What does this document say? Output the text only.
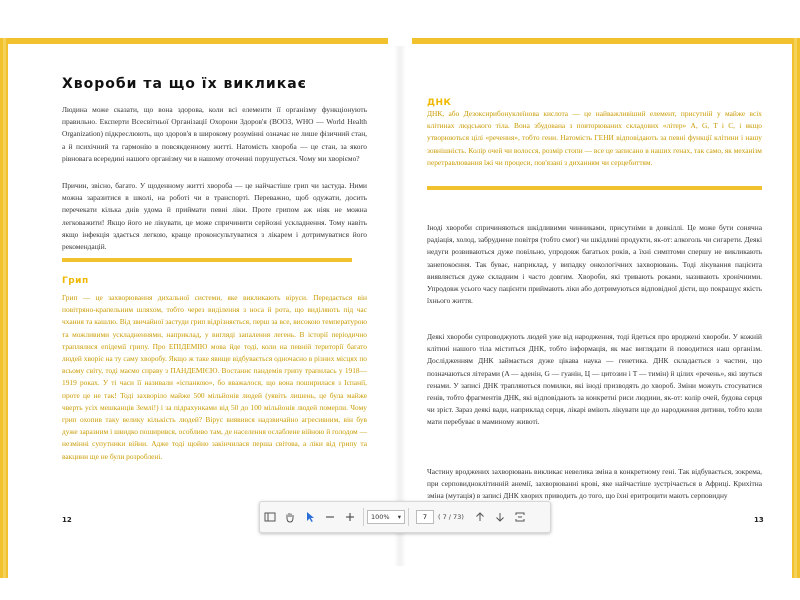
Хвороби та що їх викликає
Людина може сказати, що вона здорова, коли всі елементи її організму функціонують правильно. Експерти Всесвітньої Організації Охорони Здоров'я (ВООЗ, WHO — World Health Organization) підкреслюють, що здоров'я в широкому розумінні означає не лише фізичний стан, а й психічний та гармонію в повсякденному житті. Натомість хвороба — це стан, за якого рівновага всередині нашого організму чи в нашому оточенні порушується. Чому ми хворіємо?
Причин, звісно, багато. У щоденному житті хвороба — це найчастіше грип чи застуда. Ними можна заразитися в школі, на роботі чи в транспорті. Переважно, щоб одужати, досить перечекати кілька днів удома й приймати певні ліки. Проте грипом аж ніяк не можна легковажити! Якщо його не лікувати, це може спричинити серйозні ускладнення. Тому навіть якщо інфекція здається легкою, краще проконсультуватися з лікарем і дотримуватися його рекомендацій.
Грип
Грип — це захворювання дихальної системи, яке викликають віруси. Передається він повітряно-крапельним шляхом, тобто через виділення з носа й рота, що виділяють під час чхання та кашлю. Від звичайної застуди грип відрізняється, перш за все, високою температурою та можливими ускладненнями, наприклад, у вигляді запалення легень. В історії періодично траплялися епідемії грипу. Про ЕПІДЕМІЮ мова йде тоді, коли на певній території багато людей хворіє на ту саму хворобу. Якщо ж таке явище відбувається одночасно в різних місцях по всьому світу, тоді маємо справу з ПАНДЕМІЄЮ. Востаннє пандемія грипу трапилась у 1918—1919 роках. У ті часи її називали «іспанкою», бо вважалося, що вона поширилася з Іспанії, проте це не так! Тоді захворіло майже 500 мільйонів людей (уявіть лишень, це була майже чверть усіх мешканців Землі!) і за підрахунками від 50 до 100 мільйонів людей померли. Чому грип охопив таку велику кількість людей? Вірус виявився надзвичайно агресивним, він був дуже заразним і швидко поширився, особливо там, де населення ослаблене війною й голодом — незмінні супутники війни. Адже тоді щойно закінчилася перша світова, а ліки від грипу та вакцини ще не були розроблені.
12
ДНК
ДНК, або Дезоксирибонуклеїнова кислота — це найважливіший елемент, присутній у майже всіх клітинах людського тіла. Вона збудована з повторюваних складових «літер» A, G, T і C, і якщо утворюються цілі «речення», тобто гени. Натомість ГЕНИ відповідають за певні функції клітини і нашу зовнішність. Колір очей чи волосся, розмір стопи — все це записано в наших генах, так само, як механізм перетравлювання їжі чи процеси, пов'язані з диханням чи серцебиттям.
Іноді хвороби спричиняються шкідливими чинниками, присутніми в довкіллі. Це може бути сонячна радіація, холод, забруднене повітря (тобто смог) чи шкідливі продукти, як-от: алкоголь чи сигарети. Деякі недуги розвиваються дуже повільно, упродовж багатьох років, а їхні симптоми спершу не викликають занепокоєння. Так буває, наприклад, у випадку онкологічних захворювань. Тоді лікування пацієнта виявляється дуже складним і часто довгим. Хвороби, які тривають роками, називають хронічними. Упродовж усього часу пацієнти приймають ліки або дотримуються відповідної дієти, що покращує якість їхнього життя.
Деякі хвороби супроводжують людей уже від народження, тоді йдеться про вроджені хвороби. У кожній клітині нашого тіла міститься ДНК, тобто інформація, як має виглядати й поводитися наш організм. Дослідженням ДНК займається дуже цікава наука — генетика. ДНК складається з частин, що позначаються літерами (A — аденін, G — гуанін, Ц — цитозин і T — тимін) й цілих «речень», які звуться генами. У записі ДНК трапляються помилки, які іноді призводять до хвороб. Зміни можуть стосуватися генів, тобто фрагментів ДНК, які відповідають за конкретні риси людини, як-от: колір очей, будова серця чи зріст. Зараз деякі вади, наприклад серця, лікарі вміють лікувати ще до народження дитини, тобто коли мати перебуває в маминому животі.
Частину вроджених захворювань викликає невелика зміна в конкретному гені. Так відбувається, зокрема, при серповидноклітинній анемії, захворюванні крові, яке найчастіше зустрічається в Африці. Крихітна зміна (мутація) в записі ДНК хворих приводить до того, що їхні еритроцити мають серповидну
13
100% ▾
7	( 7 / 73)
